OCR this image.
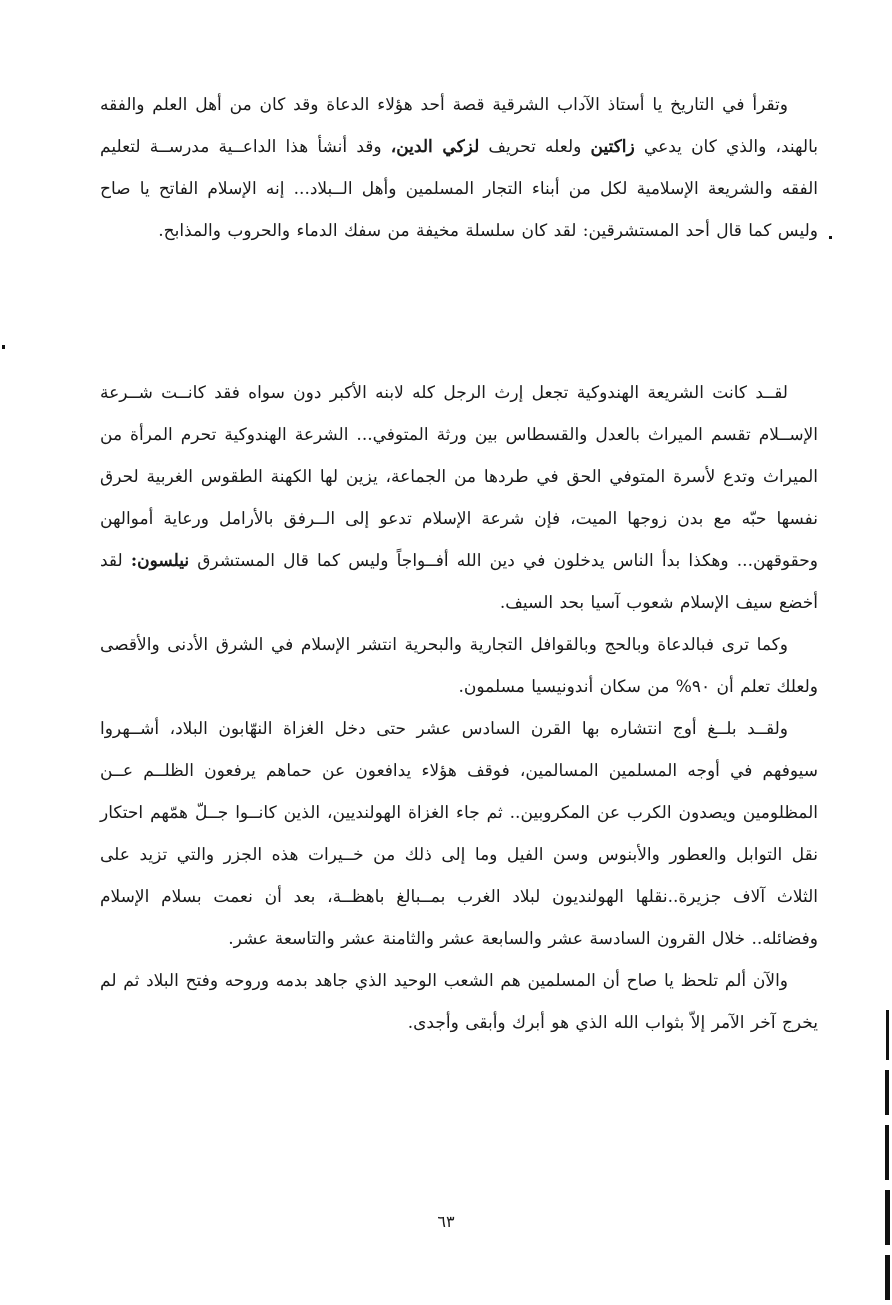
وتقرأ في التاريخ يا أستاذ الآداب الشرقية قصة أحد هؤلاء الدعاة وقد كان من أهل العلم والفقه بالهند، والذي كان يدعي زاكتين ولعله تحريف لزكي الدين، وقد أنشأ هذا الداعــية مدرســة لتعليم الفقه والشريعة الإسلامية لكل من أبناء التجار المسلمين وأهل الــبلاد... إنه الإسلام الفاتح يا صاح وليس كما قال أحد المستشرقين: لقد كان سلسلة مخيفة من سفك الدماء والحروب والمذابح.

لقــد كانت الشريعة الهندوكية تجعل إرث الرجل كله لابنه الأكبر دون سواه فقد كانــت شــرعة الإســلام تقسم الميراث بالعدل والقسطاس بين ورثة المتوفي... الشرعة الهندوكية تحرم المرأة من الميراث وتدع لأسرة المتوفي الحق في طردها من الجماعة، يزين لها الكهنة الطقوس الغربية لحرق نفسها حبّه مع بدن زوجها الميت، فإن شرعة الإسلام تدعو إلى الــرفق بالأرامل ورعاية أموالهن وحقوقهن... وهكذا بدأ الناس يدخلون في دين الله أفــواجاً وليس كما قال المستشرق نيلسون: لقد أخضع سيف الإسلام شعوب آسيا بحد السيف.

وكما ترى فبالدعاة وبالحج وبالقوافل التجارية والبحرية انتشر الإسلام في الشرق الأدنى والأقصى ولعلك تعلم أن ٩٠% من سكان أندونيسيا مسلمون.

ولقــد بلــغ أوج انتشاره بها القرن السادس عشر حتى دخل الغزاة النهّابون البلاد، أشــهروا سيوفهم في أوجه المسلمين المسالمين، فوقف هؤلاء يدافعون عن حماهم يرفعون الظلــم عــن المظلومين ويصدون الكرب عن المكروبين.. ثم جاء الغزاة الهولنديين، الذين كانــوا جــلّ همّهم احتكار نقل التوابل والعطور والأبنوس وسن الفيل وما إلى ذلك من خــيرات هذه الجزر والتي تزيد على الثلاث آلاف جزيرة..نقلها الهولنديون لبلاد الغرب بمــبالغ باهظــة، بعد أن نعمت بسلام الإسلام وفضائله.. خلال القرون السادسة عشر والسابعة عشر والثامنة عشر والتاسعة عشر.

والآن ألم تلحظ يا صاح أن المسلمين هم الشعب الوحيد الذي جاهد بدمه وروحه وفتح البلاد ثم لم يخرج آخر الآمر إلاّ بثواب الله الذي هو أبرك وأبقى وأجدى.

٦٣
